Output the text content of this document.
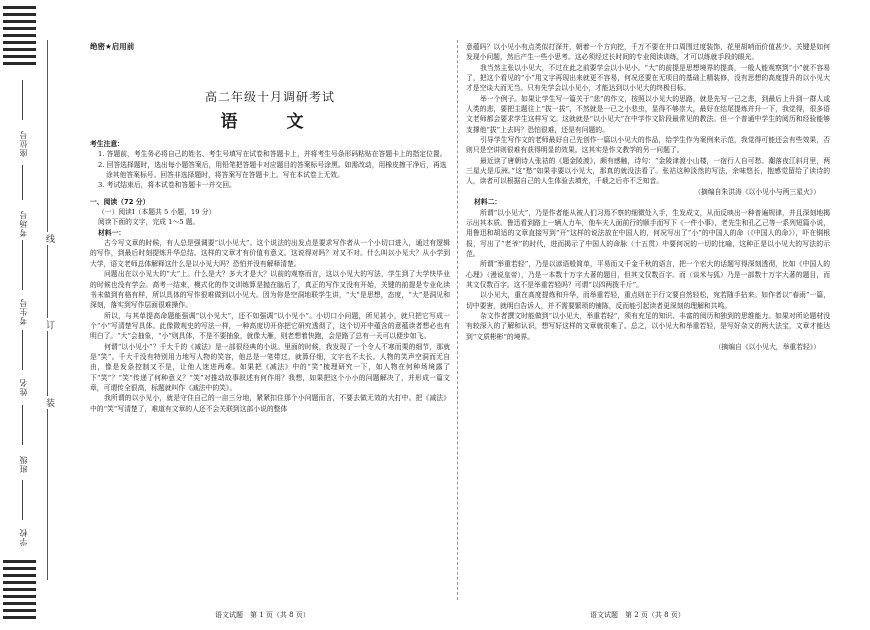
座位号
考场号
考生号
姓名
班级
学校
线
订
装
绝密★启用前
高二年级十月调研考试
语　文
考生注意：
1. 答题前，考生务必将自己的姓名、考生号填写在试卷和答题卡上，并将考生号条形码粘贴在答题卡上的指定位置。
2. 回答选择题时，选出每小题答案后，用铅笔把答题卡对应题目的答案标号涂黑。如需改动，用橡皮擦干净后，再选涂其他答案标号。回答非选择题时，将答案写在答题卡上。写在本试卷上无效。
3. 考试结束后，将本试卷和答题卡一并交回。
一、阅读（72 分）
（一）阅读Ⅰ（本题共 5 小题，19 分）
阅读下面的文字，完成 1～5 题。
材料一：
古今写文章的时候，有人总是强调要“以小见大”。这个说法的出发点是要求写作者从一个小切口进入，通过有逻辑的写作，到最后时刻提炼升华总结。这样的文章才有价值有意义。这说得对吗？对又不对。什么叫以小见大？从小学到大学，语文老师总体解释这什么是以小见大吗？恐怕并没有解释清楚。
问题出在以小见大的“大”上。什么是大？多大才是大？以前的观察而言，这以小见大的写法，学生到了大学快毕业的时候也没有学会。高考一结束，模式化的作文训练算是抛在脑后了，真正的写作又没有开始，关键的前提是专业化读书未做到有格有样，所以具体的写作很难做到以小见大。因为你是空洞地联学生讲，“大”是思想，态度，“大”是洞见和深刻，落实到写作层面很难操作。
所以，与其单提高命题能强调“以小见大”，还不如强调“以小见小”。小切口小问题，所见甚小，就只把它写成一个“小”写清楚写具体。此像微观史的写法一样，一种高度切开你把它研究透彻了，这个切开中蕴含的意蕴读者想必也有明白了。“大”会抽象，“小”则具体，不是不要抽象，就像大雁，则老想着快跑，会是路了总有一天可以便步如飞。
何谓“以小见小”？千大千的《减法》是一部很经典的小说。里面的时候，我发现了一个令人不寒而栗的细节，那就是“笑”。千大千没有特别用力地写人物的笑容，他总是一笔带过，就算仔细，文字也不太长。人物的笑声空洞而无自由，像是发条控制又不是，让他人迷进两难。如果把《减法》中的“笑”梳理研究一下，如人物在何种场境露了下“笑”？“笑”传递了何种意义？“笑”对推动故事叙述有何作用？我想，如果把这个小小的问题解决了，并形成一篇文章，可谓传全很高，标题就叫作《减法中的笑》。
我所谓的以小见小，就是守住自己的一亩三分地，紧紧扣住那个小问题而言，不要去做无效的大打中。把《减法》中的“笑”写清楚了，难道有文章的人还不会关联到这部小说的整体
意蕴吗？以小见小有点类似打深井，朝着一个方向挖，千万不要在井口周围过度装饰，花里胡哨而价值甚少。关键是如何发现小问题，然后产生一些小思考。这必须经过长时间的专业阅读训练，才可以练就手段的眼光。
我当然主张以小见大，不过在此之前要学会以小见小。“大”的前提是思想境界的提高，一般人能观察到“小”就不容易了，把这个看见的“小”用文字再现出来就更不容易，何况还要在无项目的基础上精装修，没有思想的高度提升的以小见大才是空谈大而无当。只有先学会以小见小，才能达到以小见大的终极目标。
举一个例子。如果让学生写一篇关于“悲”的作文，按照以小见大的思路，就是先写一己之悲，到最后上升到一群人或人类的悲，要把主题往上“拔一拔”，不然就是一已之小悲虫，显得不够崇大，最好在结尾提炼并升一下，我觉得，很多语文老师都会要求学生这样写文。这就就是“以小见大”在中学作文阶段最常见的教法。但一个普通中学生的阅历和经验能够支撑他“拔”上去吗？恐怕很难，还是有问题的。
引导学生写作文的老师最好自己先创作一篇以小见大的作品，给学生作为案例来示范，我觉得可能还会有些效果，否则只是空讲则很难有获得明显的效果。这其实是作文教学的另一问题了。
最近读了唐朝诗人张祜的《题金陵渡》，颇有感触，诗句：“金陵津渡小山楼，一宿行人自可愁。潮落夜江斜月里，两三星火是瓜洲。”这“愁”如果非要以小见大，那真的就没法看了。张祜这种淡然的写法，余味悠长，抱感觉留给了读诗的人，读者可以根据自己的人生体验去填充，千载之后亦不乏知音。
（摘编自朱洪涛《以小见小与两三星火》）
材料二：
所谓“以小见大”，乃是作者能从被人们习焉不察的细微处入手，生发成文，从而反映出一种普遍规律，并且深刻地揭示出其本质。鲁迅看到路上一辆人力车，他车夫人面前行的顺手而写下《一件小事》，老先生和孔乙己等一系列短篇小说，用鲁迅和胡适的文章直接写到“开”这样的说法放在中国人的，何况写出了“小”的中国人的命（《中国人的命》），吓在铜根报，写出了“老爷”的时代，进而揭示了中国人的命脉（十五贯）中要何况的一切的比喻，这种正是以小见大的写法的示范。
所谓“举重若轻”，乃是以谚语般简单，平易而又千金千秋的语言，把一个宏大的话题写得深刻透彻，比如《中国人的心理》（漫说皇帝），乃是一本数十万字大著的题目，但其文仅数百字。而（谈米与狐）乃是一部数十万字大著的题目，而其文仅数百字。这不是举重若轻吗？可谓“以四两拨千斤”。
以小见大，重在高度提炼和升华，而举重若轻，重点则在于行文要自然轻松，宛若随手拈来。如作者以“春雨”一篇，切中要害，就明白告诉人，并不需要繁琐的铺陈，反而能引起读者更深刻的理解和共鸣。
杂文作者撰文时能做到“以小见大，举重若轻”，须有充足的知识、丰富的阅历和独到的思维能力。如果对所论题材没有较深入的了解和认识，想写好这样的文章就很难了。总之，以小见大和举重若轻，是写好杂文的两大法宝，文章才能达到“文质彬彬”的境界。
（摘编自《以小见大，举重若轻》）
语文试题　第 1 页（共 8 页）	语文试题　第 2 页（共 8 页）
